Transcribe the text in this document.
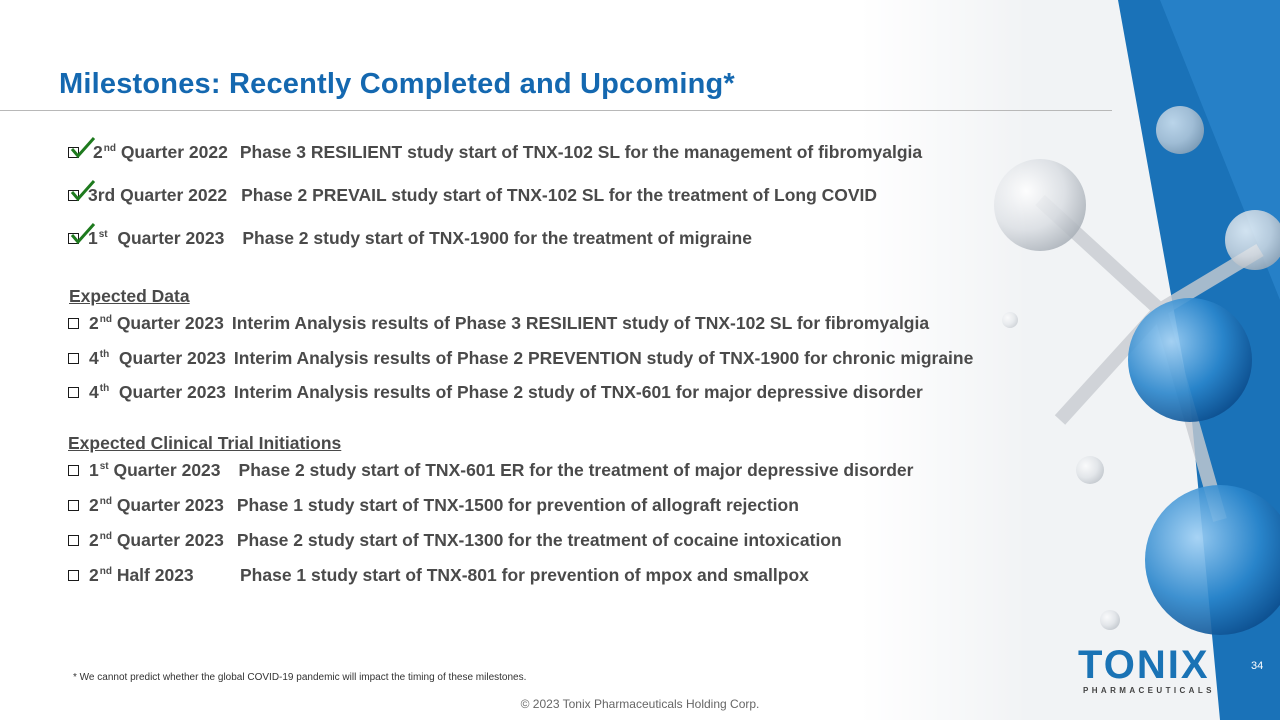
Milestones: Recently Completed and Upcoming*
2nd Quarter 2022 Phase 3 RESILIENT study start of TNX-102 SL for the management of fibromyalgia
3rd Quarter 2022 Phase 2 PREVAIL study start of TNX-102 SL for the treatment of Long COVID
1st  Quarter 2023 Phase 2 study start of TNX-1900 for the treatment of migraine
Expected Data
2nd Quarter 2023 Interim Analysis results of Phase 3 RESILIENT study of TNX-102 SL for fibromyalgia
4th  Quarter 2023 Interim Analysis results of Phase 2 PREVENTION study of TNX-1900 for chronic migraine
4th  Quarter 2023 Interim Analysis results of Phase 2 study of TNX-601 for major depressive disorder
Expected Clinical Trial Initiations
1st Quarter 2023 Phase 2 study start of TNX-601 ER for the treatment of major depressive disorder
2nd Quarter 2023 Phase 1 study start of TNX-1500 for prevention of allograft rejection
2nd Quarter 2023 Phase 2 study start of TNX-1300 for the treatment of cocaine intoxication
2nd Half 2023	Phase 1 study start of TNX-801 for prevention of mpox and smallpox
* We cannot predict whether the global COVID-19 pandemic will impact the timing of these milestones.
© 2023 Tonix Pharmaceuticals Holding Corp.
34
TONIX
PHARMACEUTICALS
